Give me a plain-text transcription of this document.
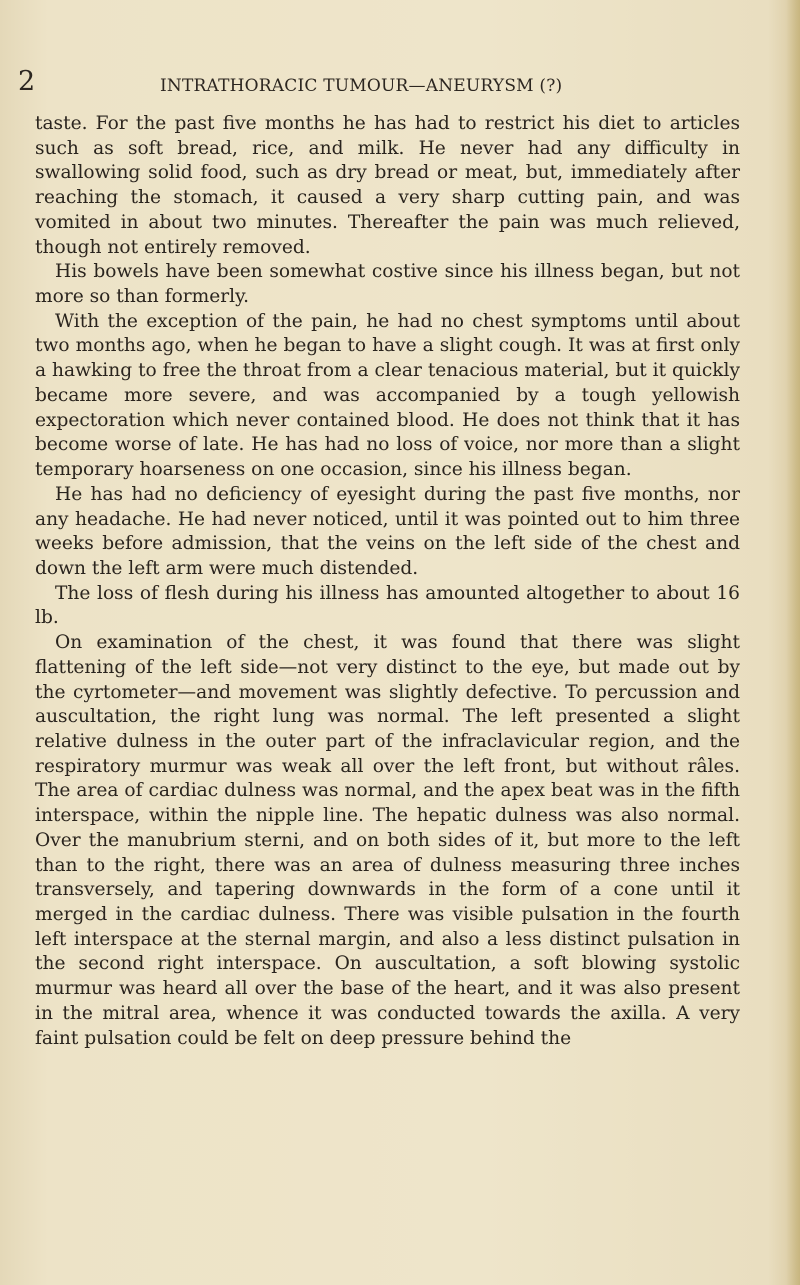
2	INTRATHORACIC TUMOUR—ANEURYSM (?)

taste. For the past five months he has had to restrict his diet to articles such as soft bread, rice, and milk. He never had any difficulty in swallowing solid food, such as dry bread or meat, but, immediately after reaching the stomach, it caused a very sharp cutting pain, and was vomited in about two minutes. Thereafter the pain was much relieved, though not entirely removed.

His bowels have been somewhat costive since his illness began, but not more so than formerly.

With the exception of the pain, he had no chest symptoms until about two months ago, when he began to have a slight cough. It was at first only a hawking to free the throat from a clear tenacious material, but it quickly became more severe, and was accompanied by a tough yellowish expectoration which never contained blood. He does not think that it has become worse of late. He has had no loss of voice, nor more than a slight temporary hoarseness on one occasion, since his illness began.

He has had no deficiency of eyesight during the past five months, nor any headache. He had never noticed, until it was pointed out to him three weeks before admission, that the veins on the left side of the chest and down the left arm were much distended.

The loss of flesh during his illness has amounted altogether to about 16 lb.

On examination of the chest, it was found that there was slight flattening of the left side—not very distinct to the eye, but made out by the cyrtometer—and movement was slightly defective. To percussion and auscultation, the right lung was normal. The left presented a slight relative dulness in the outer part of the infraclavicular region, and the respiratory murmur was weak all over the left front, but without râles. The area of cardiac dulness was normal, and the apex beat was in the fifth interspace, within the nipple line. The hepatic dulness was also normal. Over the manubrium sterni, and on both sides of it, but more to the left than to the right, there was an area of dulness measuring three inches transversely, and tapering downwards in the form of a cone until it merged in the cardiac dulness. There was visible pulsation in the fourth left interspace at the sternal margin, and also a less distinct pulsation in the second right interspace. On auscultation, a soft blowing systolic murmur was heard all over the base of the heart, and it was also present in the mitral area, whence it was conducted towards the axilla. A very faint pulsation could be felt on deep pressure behind the
